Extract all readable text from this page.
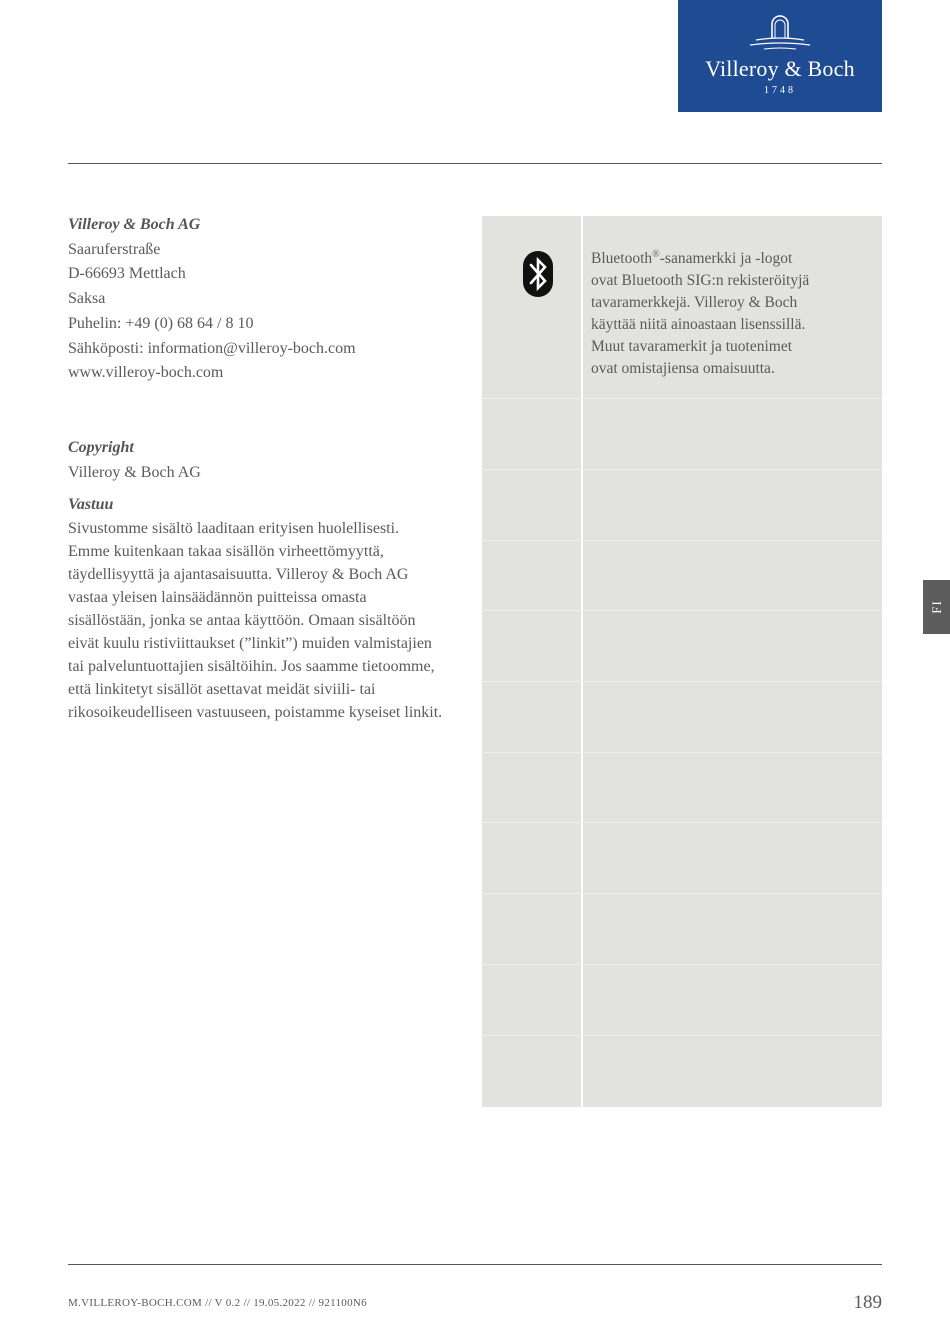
Villeroy & Boch
1748
Villeroy & Boch AG
Saaruferstraße
D-66693 Mettlach
Saksa
Puhelin: +49 (0) 68 64 / 8 10
Sähköposti: information@villeroy-boch.com
www.villeroy-boch.com
Copyright
Villeroy & Boch AG
Vastuu

Sivustomme sisältö laaditaan erityisen huolellisesti.

Emme kuitenkaan takaa sisällön virheettömyyttä,

täydellisyyttä ja ajantasaisuutta. Villeroy & Boch AG

vastaa yleisen lainsäädännön puitteissa omasta

sisällöstään, jonka se antaa käyttöön. Omaan sisältöön

eivät kuulu ristiviittaukset (”linkit”) muiden valmistajien

tai palveluntuottajien sisältöihin. Jos saamme tietoomme,

että linkitetyt sisällöt asettavat meidät siviili- tai

rikosoikeudelliseen vastuuseen, poistamme kyseiset linkit.

Bluetooth®-sanamerkki ja -logot
ovat Bluetooth SIG:n rekisteröityjä
tavaramerkkejä. Villeroy & Boch
käyttää niitä ainoastaan lisenssillä.
Muut tavaramerkit ja tuotenimet
ovat omistajiensa omaisuutta.
FI
M.VILLEROY-BOCH.COM // V 0.2 // 19.05.2022 // 921100N6	189
